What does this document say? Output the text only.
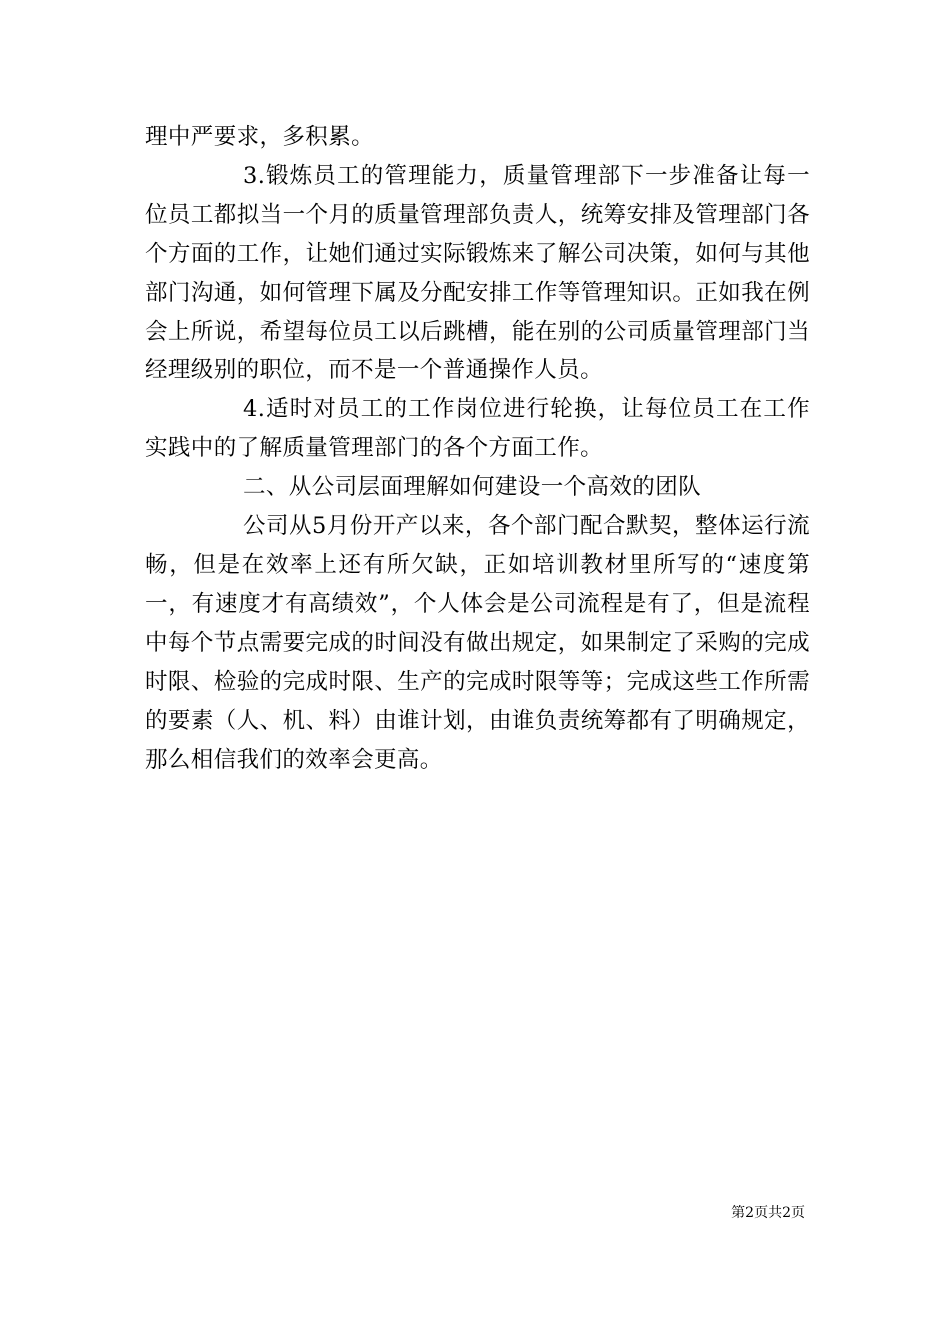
理中严要求，多积累。

3.锻炼员工的管理能力，质量管理部下一步准备让每一位员工都拟当一个月的质量管理部负责人，统筹安排及管理部门各个方面的工作，让她们通过实际锻炼来了解公司决策，如何与其他部门沟通，如何管理下属及分配安排工作等管理知识。正如我在例会上所说，希望每位员工以后跳槽，能在别的公司质量管理部门当经理级别的职位，而不是一个普通操作人员。

4.适时对员工的工作岗位进行轮换，让每位员工在工作实践中的了解质量管理部门的各个方面工作。

二、从公司层面理解如何建设一个高效的团队

公司从5月份开产以来，各个部门配合默契，整体运行流畅，但是在效率上还有所欠缺，正如培训教材里所写的“速度第一，有速度才有高绩效”，个人体会是公司流程是有了，但是流程中每个节点需要完成的时间没有做出规定，如果制定了采购的完成时限、检验的完成时限、生产的完成时限等等；完成这些工作所需的要素（人、机、料）由谁计划，由谁负责统筹都有了明确规定，那么相信我们的效率会更高。

第2页共2页
